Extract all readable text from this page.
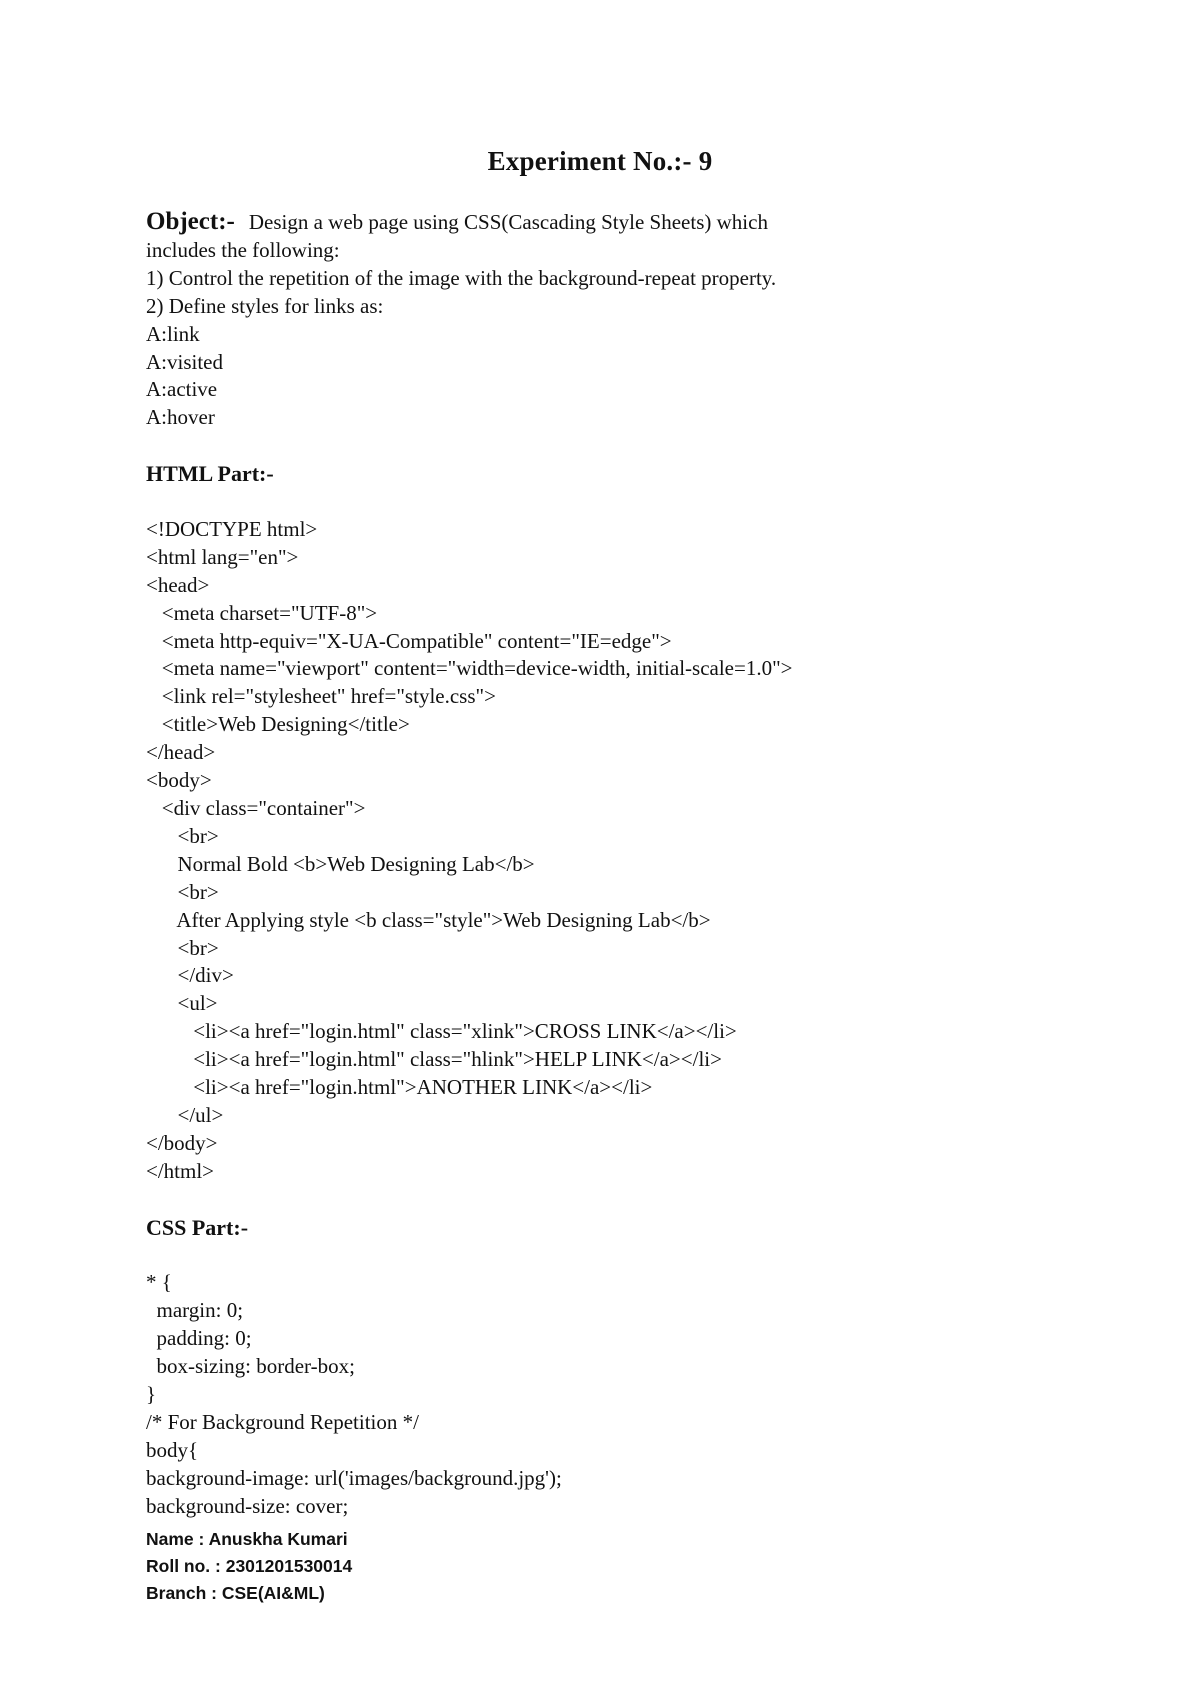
Experiment No.:- 9
Object:- Design a web page using CSS(Cascading Style Sheets) which
includes the following:
1) Control the repetition of the image with the background-repeat property.
2) Define styles for links as:
A:link
A:visited
A:active
A:hover
HTML Part:-
<!DOCTYPE html>
<html lang="en">
<head>
<meta charset="UTF-8">
<meta http-equiv="X-UA-Compatible" content="IE=edge">
<meta name="viewport" content="width=device-width, initial-scale=1.0">
<link rel="stylesheet" href="style.css">
<title>Web Designing</title>
</head>
<body>
<div class="container">
<br>
Normal Bold <b>Web Designing Lab</b>
<br>
After Applying style <b class="style">Web Designing Lab</b>
<br>
</div>
<ul>
<li><a href="login.html" class="xlink">CROSS LINK</a></li>
<li><a href="login.html" class="hlink">HELP LINK</a></li>
<li><a href="login.html">ANOTHER LINK</a></li>
</ul>
</body>
</html>
CSS Part:-
* {
margin: 0;
padding: 0;
box-sizing: border-box;
}
/* For Background Repetition */
body{
background-image: url('images/background.jpg');
background-size: cover;
Name : Anuskha Kumari
Roll no. : 2301201530014
Branch : CSE(AI&ML)
